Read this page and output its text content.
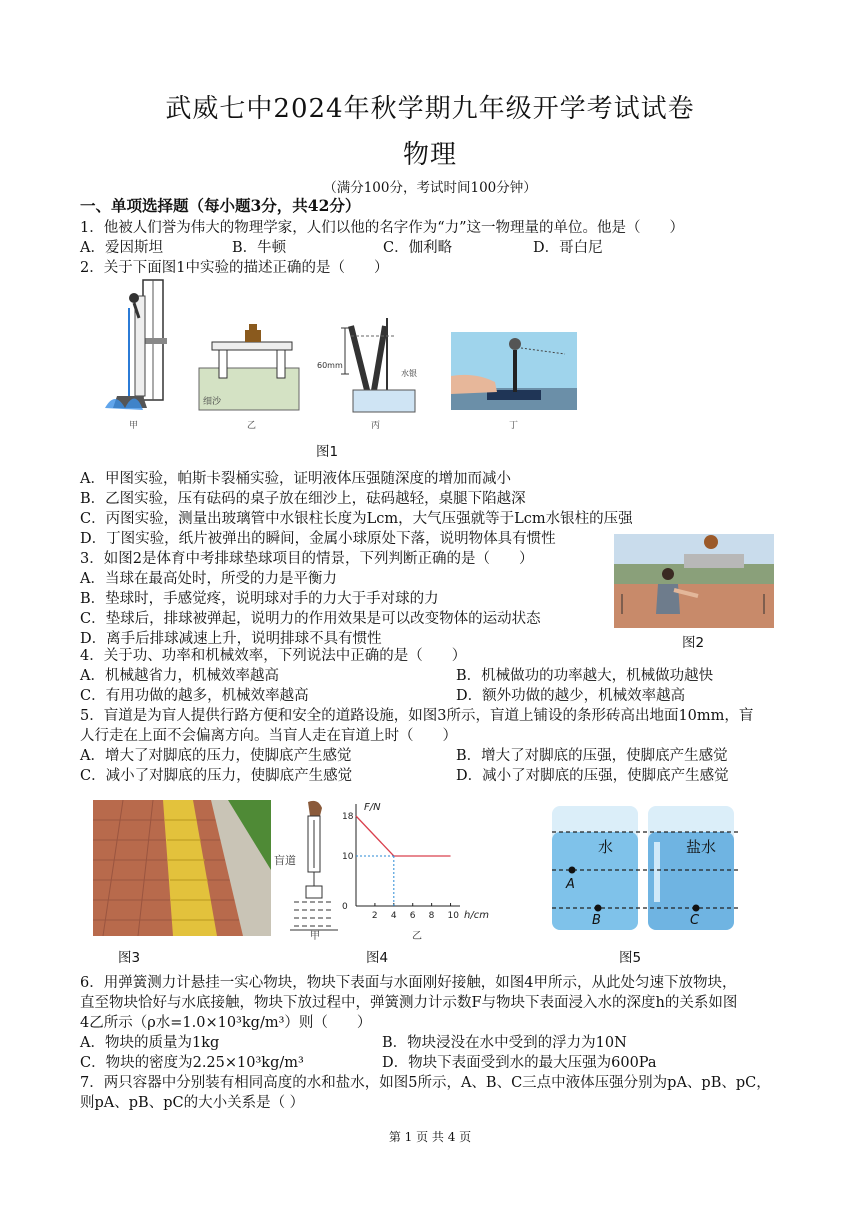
武威七中2024年秋学期九年级开学考试试卷
物理
（满分100分，考试时间100分钟）
一、单项选择题（每小题3分，共42分）
1．他被人们誉为伟大的物理学家，人们以他的名字作为“力”这一物理量的单位。他是（　　）
A．爱因斯坦	B．牛顿	C．伽利略	D．哥白尼
2．关于下面图1中实验的描述正确的是（　　）
甲
细沙
乙
60mm
水银
丙	丁
图1
A．甲图实验，帕斯卡裂桶实验，证明液体压强随深度的增加而减小
B．乙图实验，压有砝码的桌子放在细沙上，砝码越轻，桌腿下陷越深
C．丙图实验，测量出玻璃管中水银柱长度为Lcm，大气压强就等于Lcm水银柱的压强
D．丁图实验，纸片被弹出的瞬间，金属小球原处下落，说明物体具有惯性
3．如图2是体育中考排球垫球项目的情景，下列判断正确的是（　　）
A．当球在最高处时，所受的力是平衡力
B．垫球时，手感觉疼，说明球对手的力大于手对球的力
C．垫球后，排球被弹起，说明力的作用效果是可以改变物体的运动状态
D．离手后排球减速上升，说明排球不具有惯性	图2
4．关于功、功率和机械效率，下列说法中正确的是（　　）
A．机械越省力，机械效率越高	B．机械做功的功率越大，机械做功越快
C．有用功做的越多，机械效率越高	D．额外功做的越少，机械效率越高
5．盲道是为盲人提供行路方便和安全的道路设施，如图3所示，盲道上铺设的条形砖高出地面10mm，盲
人行走在上面不会偏离方向。当盲人走在盲道上时（　　）
A．增大了对脚底的压力，使脚底产生感觉	B．增大了对脚底的压强，使脚底产生感觉
C．减小了对脚底的压力，使脚底产生感觉	D．减小了对脚底的压强，使脚底产生感觉
图3
盲道
甲
F/N
h/cm
2 4 6 8 10
0
10
18
乙
图4
水	盐水
A
B	C
图5
6．用弹簧测力计悬挂一实心物块，物块下表面与水面刚好接触，如图4甲所示，从此处匀速下放物块，
直至物块恰好与水底接触，物块下放过程中，弹簧测力计示数F与物块下表面浸入水的深度h的关系如图
4乙所示（ρ水=1.0×10³kg/m³）则（　　）
A．物块的质量为1kg	B．物块浸没在水中受到的浮力为10N
C．物块的密度为2.25×10³kg/m³	D．物块下表面受到水的最大压强为600Pa
7．两只容器中分别装有相同高度的水和盐水，如图5所示，A、B、C三点中液体压强分别为pA、pB、pC，
则pA、pB、pC的大小关系是（ ）
第 1 页 共 4 页
